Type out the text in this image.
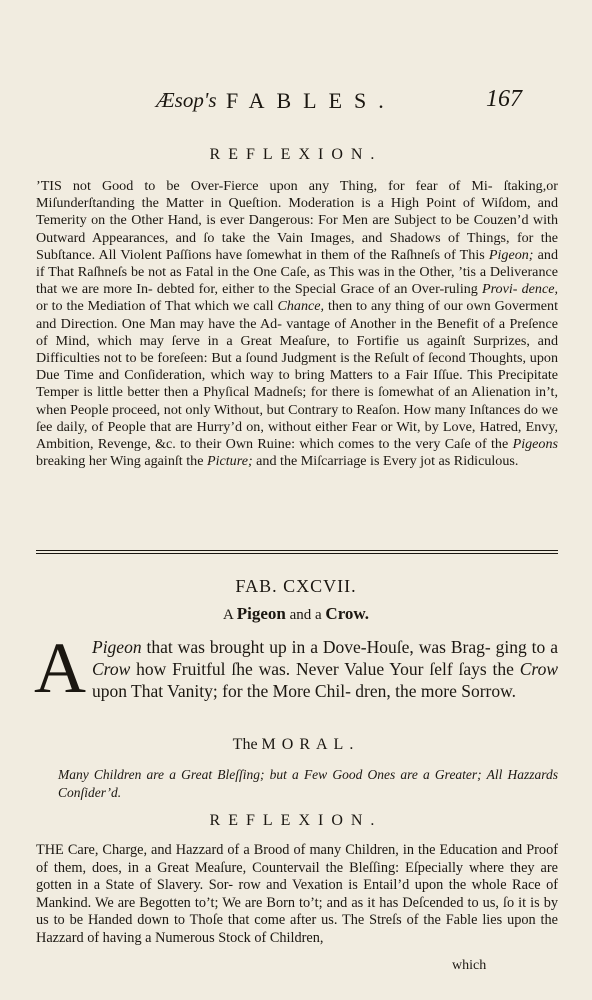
Æsop's FABLES.	167
REFLEXION.

’TIS not Good to be Over-Fierce upon any Thing, for fear of Mi- ſtaking,or Miſunderſtanding the Matter in Queſtion. Moderation is a High Point of Wiſdom, and Temerity on the Other Hand, is ever Dangerous: For Men are Subject to be Couzen’d with Outward Appearances, and ſo take the Vain Images, and Shadows of Things, for the Subſtance. All Violent Paſſions have ſomewhat in them of the Raſhneſs of This Pigeon; and if That Raſhneſs be not as Fatal in the One Caſe, as This was in the Other, ’tis a Deliverance that we are more In- debted for, either to the Special Grace of an Over-ruling Provi- dence, or to the Mediation of That which we call Chance, then to any thing of our own Goverment and Direction. One Man may have the Ad- vantage of Another in the Benefit of a Preſence of Mind, which may ſerve in a Great Meaſure, to Fortifie us againſt Surprizes, and Difficulties not to be foreſeen: But a ſound Judgment is the Reſult of ſecond Thoughts, upon Due Time and Conſideration, which way to bring Matters to a Fair Iſſue. This Precipitate Temper is little better then a Phyſical Madneſs; for there is ſomewhat of an Alienation in’t, when People proceed, not only Without, but Contrary to Reaſon. How many Inſtances do we ſee daily, of People that are Hurry’d on, without either Fear or Wit, by Love, Hatred, Envy, Ambition, Revenge, &c. to their Own Ruine: which comes to the very Caſe of the Pigeons breaking her Wing againſt the Picture; and the Miſcarriage is Every jot as Ridiculous.

FAB. CXCVII.
A Pigeon and a Crow.

A Pigeon that was brought up in a Dove-Houſe, was Brag- ging to a Crow how Fruitful ſhe was. Never Value Your ſelf ſays the Crow upon That Vanity; for the More Chil- dren, the more Sorrow.

The MORAL.

Many Children are a Great Bleſſing; but a Few Good Ones are a Greater; All Hazzards Conſider’d.

REFLEXION.

THE Care, Charge, and Hazzard of a Brood of many Children, in the Education and Proof of them, does, in a Great Meaſure, Countervail the Bleſſing: Eſpecially where they are gotten in a State of Slavery. Sor- row and Vexation is Entail’d upon the whole Race of Mankind. We are Begotten to’t; We are Born to’t; and as it has Deſcended to us, ſo it is by us to be Handed down to Thoſe that come after us. The Streſs of the Fable lies upon the Hazzard of having a Numerous Stock of Children,

which
